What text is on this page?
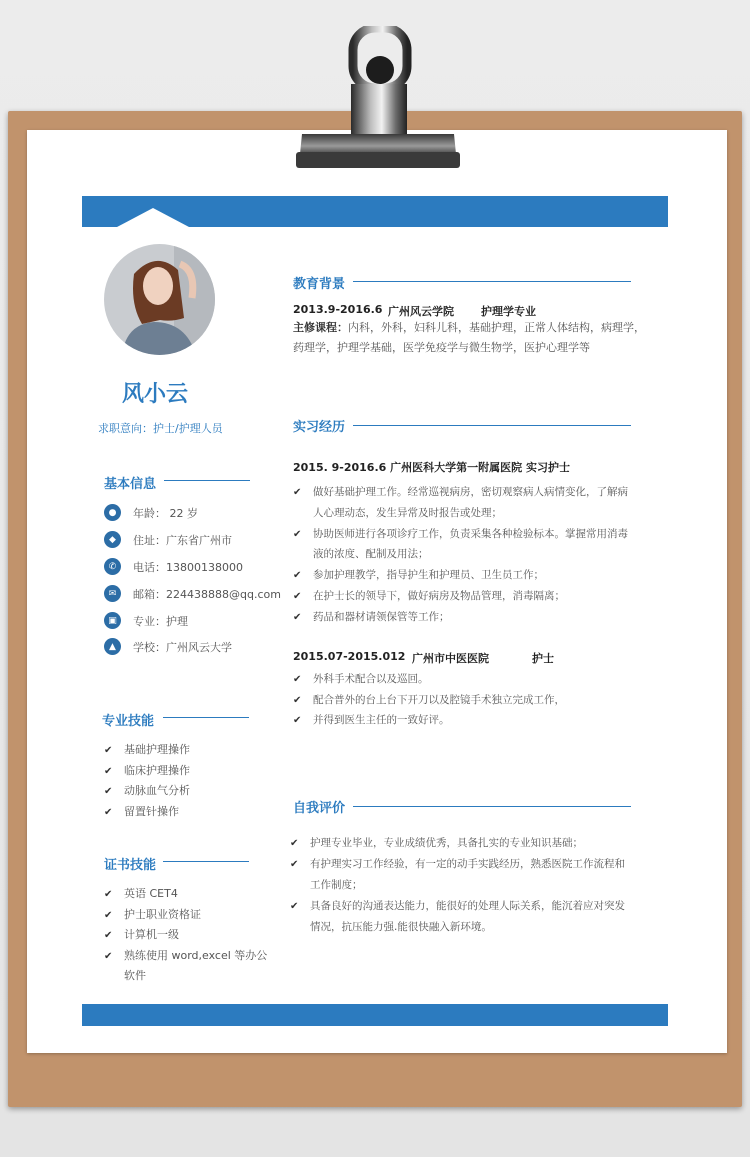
风小云
求职意向：护士/护理人员
基本信息
●	年龄： 22 岁
◆	住址：广东省广州市
✆	电话：13800138000
✉	邮箱：224438888@qq.com
▣	专业：护理
▲	学校：广州风云大学
专业技能
✔ 基础护理操作
✔ 临床护理操作
✔ 动脉血气分析
✔ 留置针操作
证书技能
✔ 英语 CET4
✔ 护士职业资格证
✔ 计算机一级
✔ 熟练使用 word,excel 等办公
软件
教育背景
2013.9-2016.6 广州风云学院 护理学专业
主修课程：内科，外科，妇科儿科，基础护理，正常人体结构，病理学，
药理学，护理学基础，医学免疫学与微生物学，医护心理学等
实习经历
2015. 9-2016.6 广州医科大学第一附属医院 实习护士
✔	做好基础护理工作。经常巡视病房，密切观察病人病情变化，了解病
人心理动态，发生异常及时报告或处理；
✔	协助医师进行各项诊疗工作，负责采集各种检验标本。掌握常用消毒
液的浓度、配制及用法；
✔	参加护理教学，指导护生和护理员、卫生员工作；
✔	在护士长的领导下，做好病房及物品管理，消毒隔离；
✔	药品和器材请领保管等工作；
2015.07-2015.012 广州市中医医院	护士
✔	外科手术配合以及巡回。
✔	配合普外的台上台下开刀以及腔镜手术独立完成工作，
✔	并得到医生主任的一致好评。
自我评价
✔	护理专业毕业，专业成绩优秀，具备扎实的专业知识基础；
✔	有护理实习工作经验，有一定的动手实践经历，熟悉医院工作流程和
工作制度；
✔	具备良好的沟通表达能力，能很好的处理人际关系，能沉着应对突发
情况，抗压能力强.能很快融入新环境。
